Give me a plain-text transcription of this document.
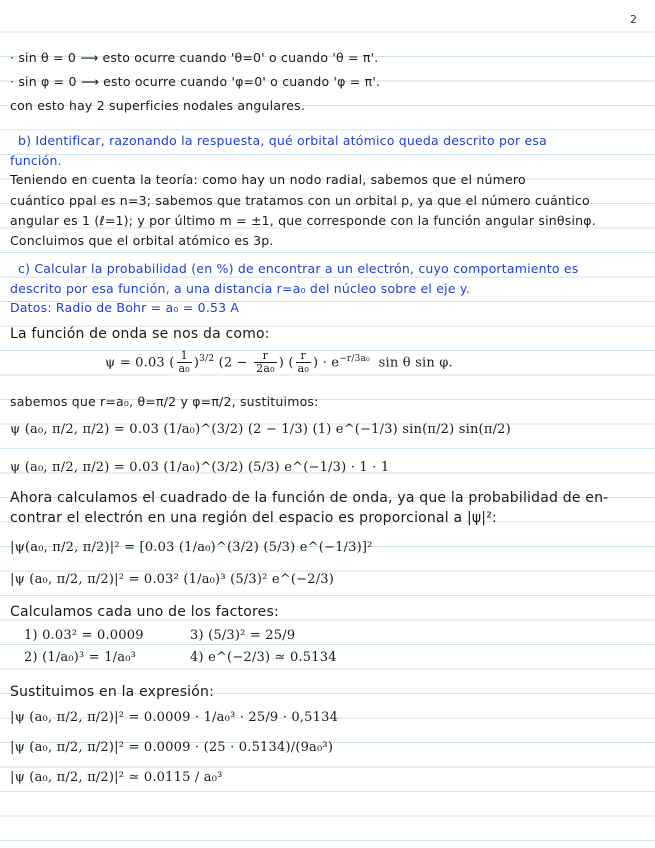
2
· sin θ = 0 ⟶ esto ocurre cuando 'θ=0' o cuando 'θ = π'.
· sin φ = 0 ⟶ esto ocurre cuando 'φ=0' o cuando 'φ = π'.
con esto hay 2 superficies nodales angulares.
b) Identificar, razonando la respuesta, qué orbital atómico queda descrito por esa
función.
Teniendo en cuenta la teoría: como hay un nodo radial, sabemos que el número
cuántico ppal es n=3; sabemos que tratamos con un orbital p, ya que el número cuántico
angular es 1 (ℓ=1); y por último m = ±1, que corresponde con la función angular sinθsinφ.
Concluimos que el orbital atómico es 3p.
c) Calcular la probabilidad (en %) de encontrar a un electrón, cuyo comportamiento es
descrito por esa función, a una distancia r=a₀ del núcleo sobre el eje y.
Datos: Radio de Bohr = a₀ = 0.53 A
La función de onda se nos da como:
ψ = 0.03 ( $\frac{1}{\text{a₀}} )^{3/2}$ ($2 - \frac{r}{\text{2a₀}}$ ) ( $\frac{r}{\text{a₀}}$ ) · $e^{-r/3a_0}$ sin θ sin φ.
sabemos que r=a₀, θ=π/2 y φ=π/2, sustituimos:
ψ (a₀, π/2, π/2) = 0.03 (1/a₀)^(3/2) (2 − 1/3) (1) e^(−1/3) sin(π/2) sin(π/2)
ψ (a₀, π/2, π/2) = 0.03 (1/a₀)^(3/2) (5/3) e^(−1/3) · 1 · 1
Ahora calculamos el cuadrado de la función de onda, ya que la probabilidad de en-
contrar el electrón en una región del espacio es proporcional a |ψ|²:
|ψ(a₀, π/2, π/2)|² = [0.03 (1/a₀)^(3/2) (5/3) e^(−1/3)]²
|ψ (a₀, π/2, π/2)|² = 0.03² (1/a₀)³ (5/3)² e^(−2/3)
Calculamos cada uno de los factores:
1) 0.03² = 0.0009
2) (1/a₀)³ = 1/a₀³
3) (5/3)² = 25/9
4) e^(−2/3) ≃ 0.5134
Sustituimos en la expresión:
|ψ (a₀, π/2, π/2)|² = 0.0009 · 1/a₀³ · 25/9 · 0,5134
|ψ (a₀, π/2, π/2)|² = 0.0009 · (25 · 0.5134)/(9a₀³)
|ψ (a₀, π/2, π/2)|² ≃ 0.0115 / a₀³
